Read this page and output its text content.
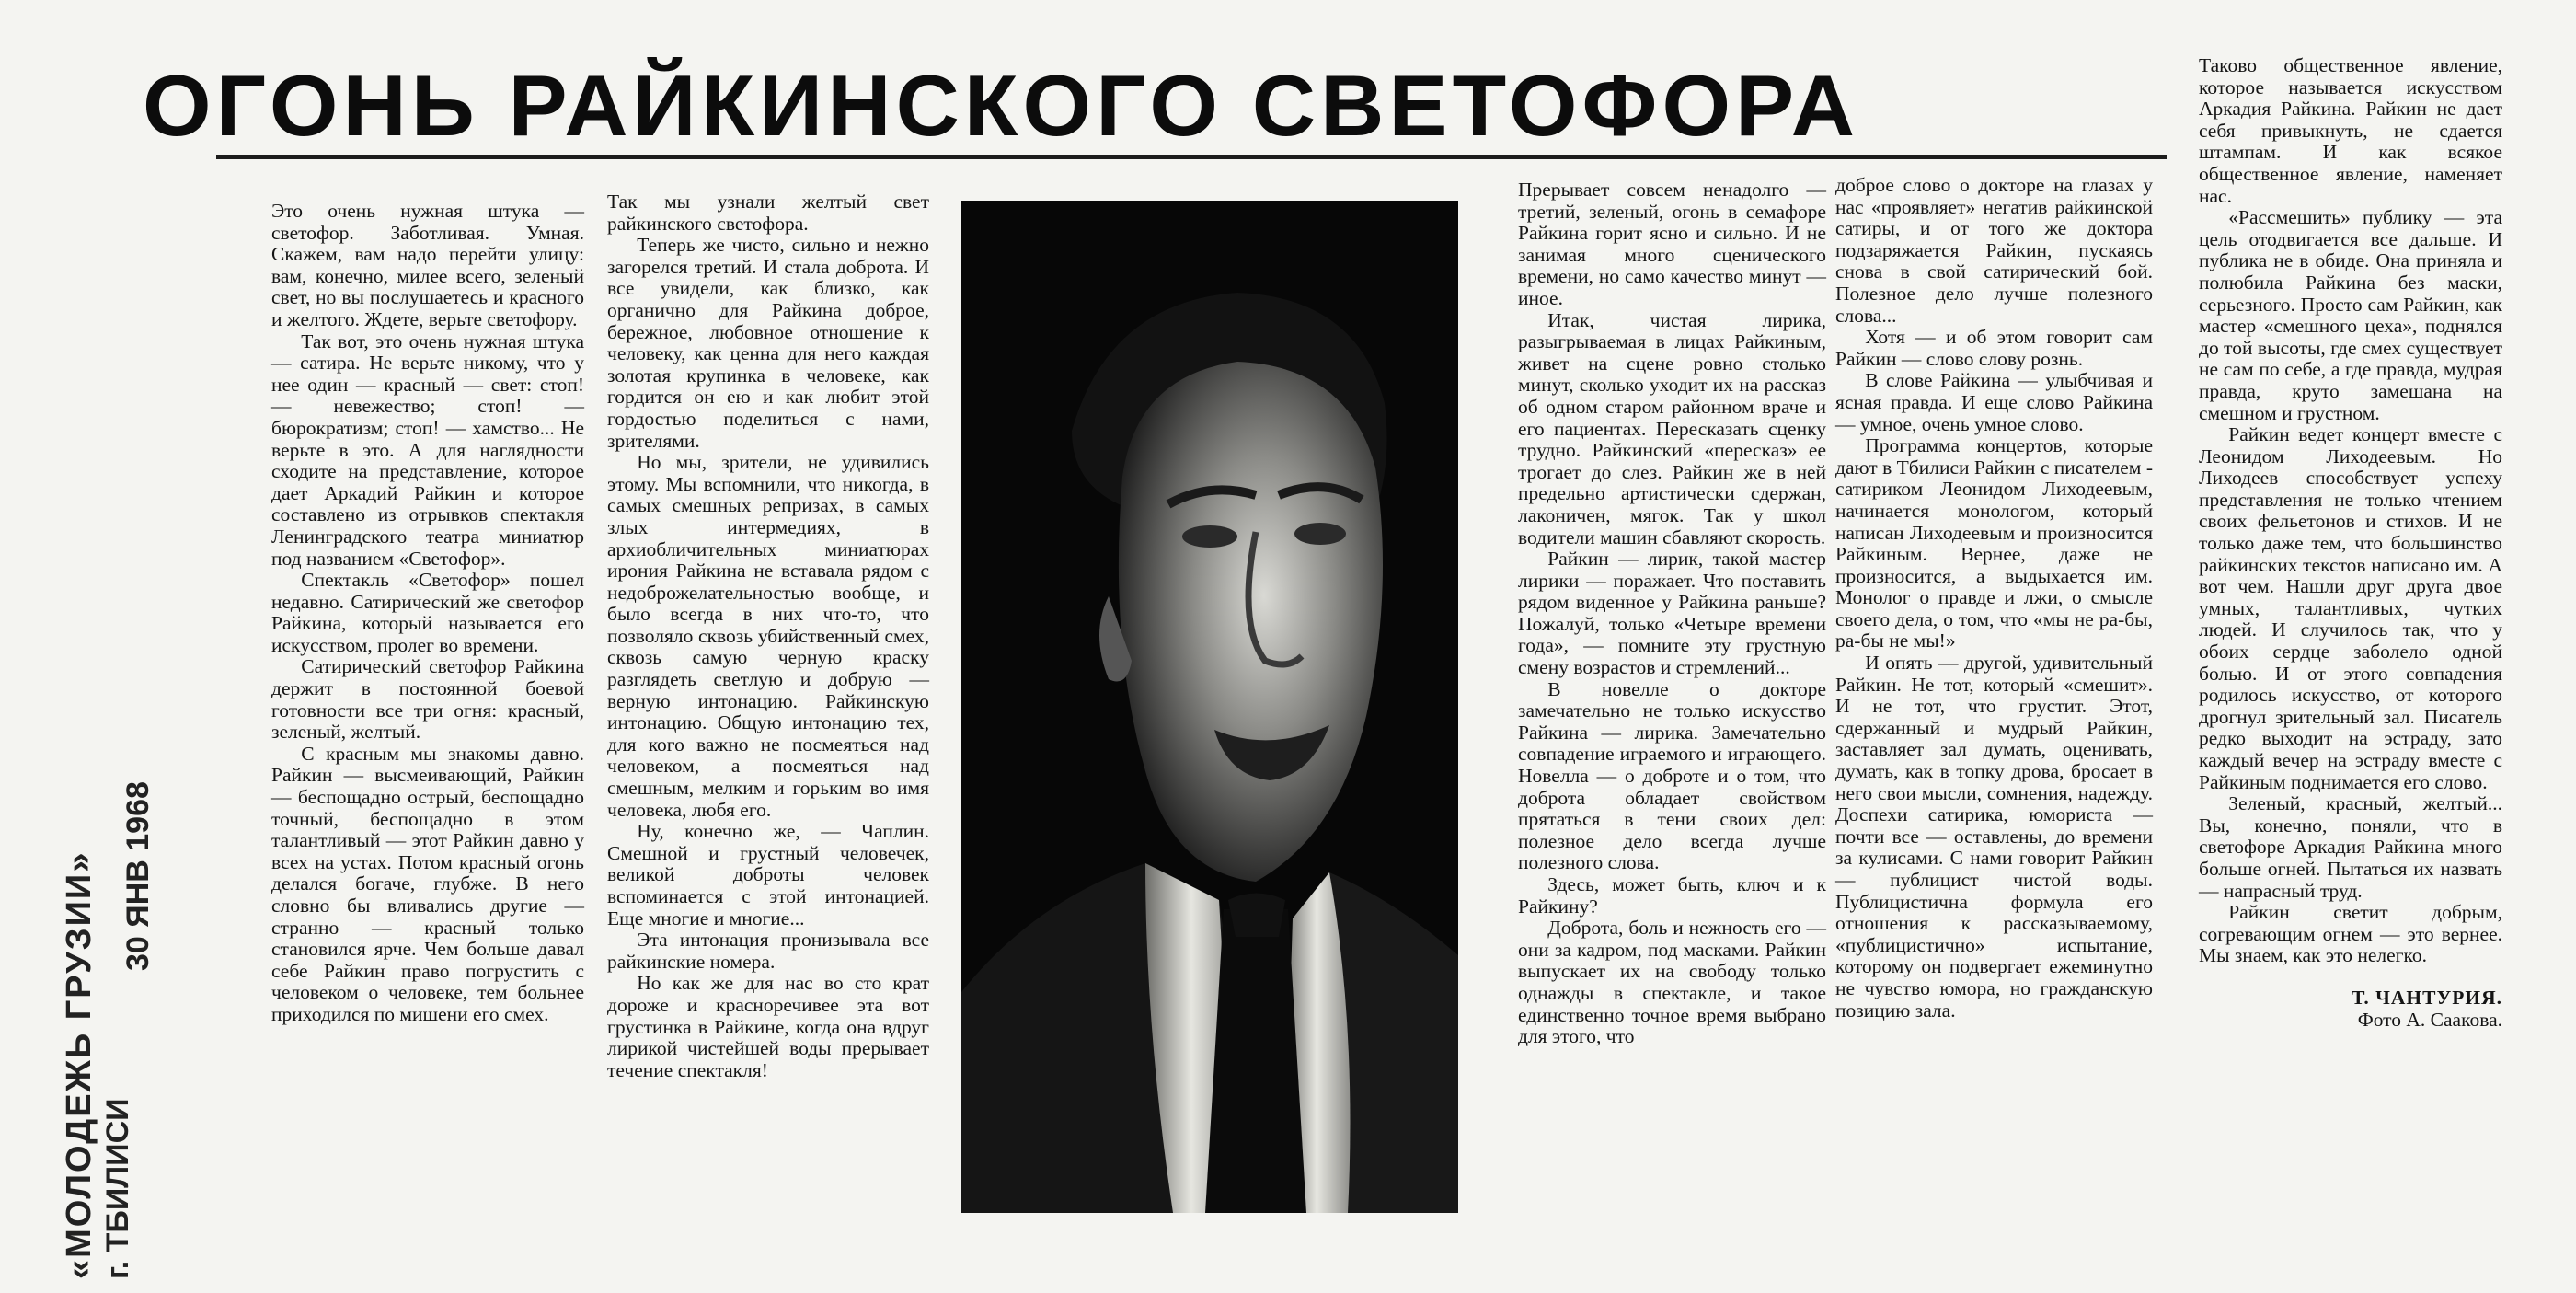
«МОЛОДЕЖЬ ГРУЗИИ» г. ТБИЛИСИ
30 ЯНВ 1968
ОГОНЬ РАЙКИНСКОГО СВЕТОФОРА

Это очень нужная штука — светофор. Заботливая. Умная. Скажем, вам надо перейти улицу: вам, конечно, милее всего, зеленый свет, но вы послушаетесь и красного и желтого. Ждете, верьте светофору.

Так вот, это очень нужная штука — сатира. Не верьте никому, что у нее один — красный — свет: стоп! — невежество; стоп! — бюрократизм; стоп! — хамство... Не верьте в это. А для наглядности сходите на представление, которое дает Аркадий Райкин и которое составлено из отрывков спектакля Ленинградского театра миниатюр под названием «Светофор».

Спектакль «Светофор» пошел недавно. Сатирический же светофор Райкина, который называется его искусством, пролег во времени.

Сатирический светофор Райкина держит в постоянной боевой готовности все три огня: красный, зеленый, желтый.

С красным мы знакомы давно. Райкин — высмеивающий, Райкин — беспощадно острый, беспощадно точный, беспощадно в этом талантливый — этот Райкин давно у всех на устах. Потом красный огонь делался богаче, глубже. В него словно бы вливались другие — странно — красный только становился ярче. Чем больше давал себе Райкин право погрустить с человеком о человеке, тем больнее приходился по мишени его смех.

Так мы узнали желтый свет райкинского светофора.

Теперь же чисто, сильно и нежно загорелся третий. И стала доброта. И все увидели, как близко, как органично для Райкина доброе, бережное, любовное отношение к человеку, как ценна для него каждая золотая крупинка в человеке, как гордится он ею и как любит этой гордостью поделиться с нами, зрителями.

Но мы, зрители, не удивились этому. Мы вспомнили, что никогда, в самых смешных репризах, в самых злых интермедиях, в архиобличительных миниатюрах ирония Райкина не вставала рядом с недоброжелательностью вообще, и было всегда в них что-то, что позволяло сквозь убийственный смех, сквозь самую черную краску разглядеть светлую и добрую — верную интонацию. Райкинскую интонацию. Общую интонацию тех, для кого важно не посмеяться над человеком, а посмеяться над смешным, мелким и горьким во имя человека, любя его.

Ну, конечно же, — Чаплин. Смешной и грустный человечек, великой доброты человек вспоминается с этой интонацией. Еще многие и многие...

Эта интонация пронизывала все райкинские номера.

Но как же для нас во сто крат дороже и красноречивее эта вот грустинка в Райкине, когда она вдруг лирикой чистейшей воды прерывает течение спектакля!

Прерывает совсем ненадолго — третий, зеленый, огонь в семафоре Райкина горит ясно и сильно. И не занимая много сценического времени, но само качество минут — иное.

Итак, чистая лирика, разыгрываемая в лицах Райкиным, живет на сцене ровно столько минут, сколько уходит их на рассказ об одном старом районном враче и его пациентах. Пересказать сценку трудно. Райкинский «пересказ» ее трогает до слез. Райкин же в ней предельно артистически сдержан, лаконичен, мягок. Так у школ водители машин сбавляют скорость.

Райкин — лирик, такой мастер лирики — поражает. Что поставить рядом виденное у Райкина раньше? Пожалуй, только «Четыре времени года», — помните эту грустную смену возрастов и стремлений...

В новелле о докторе замечательно не только искусство Райкина — лирика. Замечательно совпадение играемого и играющего. Новелла — о доброте и о том, что доброта обладает свойством прятаться в тени своих дел: полезное дело всегда лучше полезного слова.

Здесь, может быть, ключ и к Райкину?

Доброта, боль и нежность его — они за кадром, под масками. Райкин выпускает их на свободу только однажды в спектакле, и такое единственно точное время выбрано для этого, что

доброе слово о докторе на глазах у нас «проявляет» негатив райкинской сатиры, и от того же доктора подзаряжается Райкин, пускаясь снова в свой сатирический бой. Полезное дело лучше полезного слова...

Хотя — и об этом говорит сам Райкин — слово слову рознь.

В слове Райкина — улыбчивая и ясная правда. И еще слово Райкина — умное, очень умное слово.

Программа концертов, которые дают в Тбилиси Райкин с писателем - сатириком Леонидом Лиходеевым, начинается монологом, который написан Лиходеевым и произносится Райкиным. Вернее, даже не произносится, а выдыхается им. Монолог о правде и лжи, о смысле своего дела, о том, что «мы не ра-бы, ра-бы не мы!»

И опять — другой, удивительный Райкин. Не тот, который «смешит». И не тот, что грустит. Этот, сдержанный и мудрый Райкин, заставляет зал думать, оценивать, думать, как в топку дрова, бросает в него свои мысли, сомнения, надежду. Доспехи сатирика, юмориста — почти все — оставлены, до времени за кулисами. С нами говорит Райкин — публицист чистой воды. Публицистична формула его отношения к рассказываемому, «публицистично» испытание, которому он подвергает ежеминутно не чувство юмора, но гражданскую позицию зала.

Таково общественное явление, которое называется искусством Аркадия Райкина. Райкин не дает себя привыкнуть, не сдается штампам. И как всякое общественное явление, наменяет нас.

«Рассмешить» публику — эта цель отодвигается все дальше. И публика не в обиде. Она приняла и полюбила Райкина без маски, серьезного. Просто сам Райкин, как мастер «смешного цеха», поднялся до той высоты, где смех существует не сам по себе, а где правда, мудрая правда, круто замешана на смешном и грустном.

Райкин ведет концерт вместе с Леонидом Лиходеевым. Но Лиходеев способствует успеху представления не только чтением своих фельетонов и стихов. И не только даже тем, что большинство райкинских текстов написано им. А вот чем. Нашли друг друга двое умных, талантливых, чутких людей. И случилось так, что у обоих сердце заболело одной болью. И от этого совпадения родилось искусство, от которого дрогнул зрительный зал. Писатель редко выходит на эстраду, зато каждый вечер на эстраду вместе с Райкиным поднимается его слово.

Зеленый, красный, желтый... Вы, конечно, поняли, что в светофоре Аркадия Райкина много больше огней. Пытаться их назвать — напрасный труд.

Райкин светит добрым, согревающим огнем — это вернее. Мы знаем, как это нелегко.

Т. ЧАНТУРИЯ.
Фото А. Саакова.
